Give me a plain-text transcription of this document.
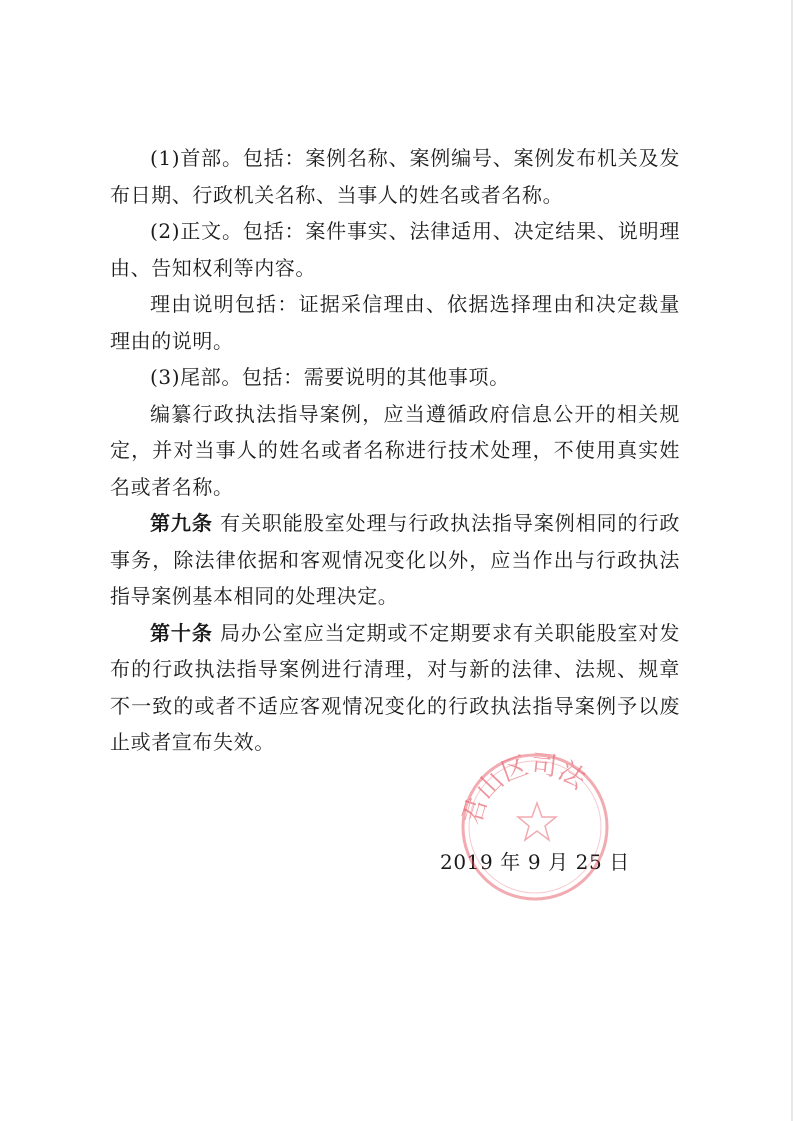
(1)首部。包括：案例名称、案例编号、案例发布机关及发布日期、行政机关名称、当事人的姓名或者名称。

(2)正文。包括：案件事实、法律适用、决定结果、说明理由、告知权利等内容。

理由说明包括：证据采信理由、依据选择理由和决定裁量理由的说明。

(3)尾部。包括：需要说明的其他事项。

编纂行政执法指导案例，应当遵循政府信息公开的相关规定，并对当事人的姓名或者名称进行技术处理，不使用真实姓名或者名称。

第九条 有关职能股室处理与行政执法指导案例相同的行政事务，除法律依据和客观情况变化以外，应当作出与行政执法指导案例基本相同的处理决定。

第十条 局办公室应当定期或不定期要求有关职能股室对发布的行政执法指导案例进行清理，对与新的法律、法规、规章不一致的或者不适应客观情况变化的行政执法指导案例予以废止或者宣布失效。

2019 年 9 月 25 日
君山区司法
